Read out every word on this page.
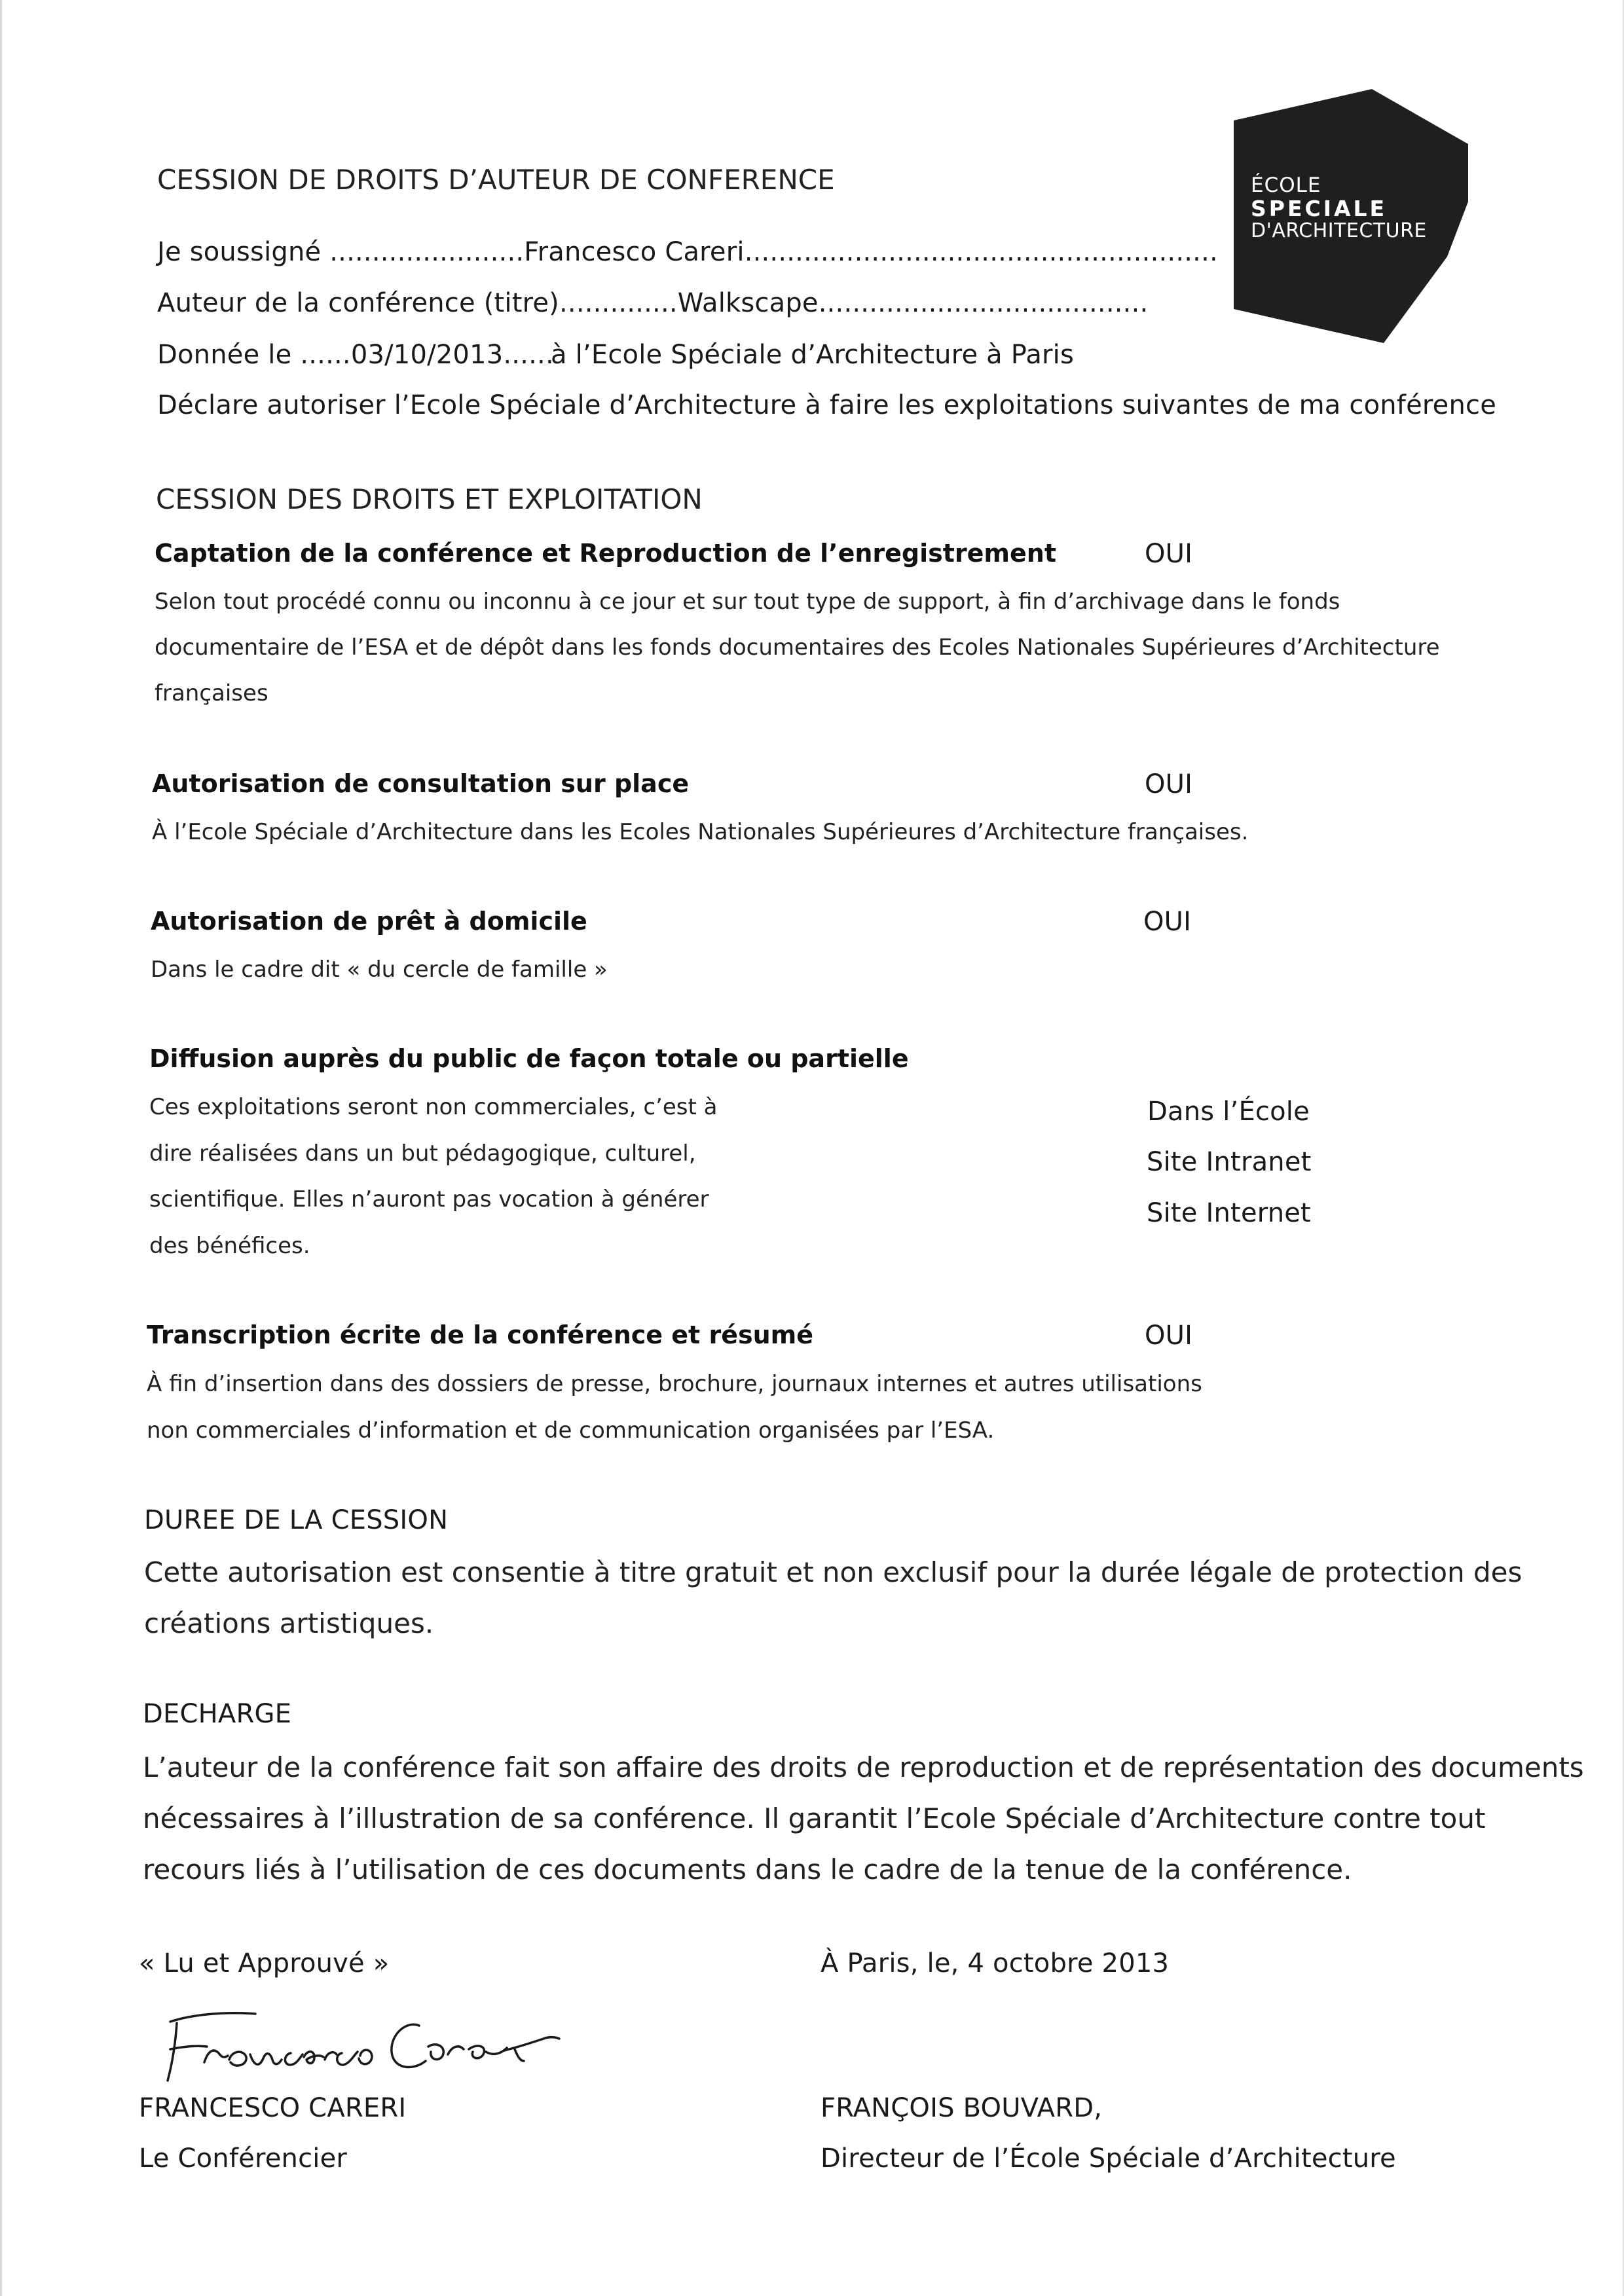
ÉCOLE
SPECIALE
D'ARCHITECTURE
CESSION DE DROITS D’AUTEUR DE CONFERENCE
Je soussigné .......................Francesco Careri........................................................
Auteur de la conférence (titre)..............Walkscape.......................................
Donnée le ......03/10/2013......
à l’Ecole Spéciale d’Architecture à Paris
Déclare autoriser l’Ecole Spéciale d’Architecture à faire les exploitations suivantes de ma conférence
CESSION DES DROITS ET EXPLOITATION
Captation de la conférence et Reproduction de l’enregistrement	OUI
Selon tout procédé connu ou inconnu à ce jour et sur tout type de support, à fin d’archivage dans le fonds
documentaire de l’ESA et de dépôt dans les fonds documentaires des Ecoles Nationales Supérieures d’Architecture
françaises
Autorisation de consultation sur place	OUI
À l’Ecole Spéciale d’Architecture dans les Ecoles Nationales Supérieures d’Architecture françaises.
Autorisation de prêt à domicile	OUI
Dans le cadre dit « du cercle de famille »
Diffusion auprès du public de façon totale ou partielle
Ces exploitations seront non commerciales, c’est à
dire réalisées dans un but pédagogique, culturel,
scientifique. Elles n’auront pas vocation à générer
des bénéfices.
Dans l’École
Site Intranet
Site Internet
Transcription écrite de la conférence et résumé	OUI
À fin d’insertion dans des dossiers de presse, brochure, journaux internes et autres utilisations
non commerciales d’information et de communication organisées par l’ESA.
DUREE DE LA CESSION
Cette autorisation est consentie à titre gratuit et non exclusif pour la durée légale de protection des
créations artistiques.
DECHARGE
L’auteur de la conférence fait son affaire des droits de reproduction et de représentation des documents
nécessaires à l’illustration de sa conférence. Il garantit l’Ecole Spéciale d’Architecture contre tout
recours liés à l’utilisation de ces documents dans le cadre de la tenue de la conférence.
« Lu et Approuvé »	À Paris, le, 4 octobre 2013
FRANCESCO CARERI	FRANÇOIS BOUVARD,
Le Conférencier	Directeur de l’École Spéciale d’Architecture
